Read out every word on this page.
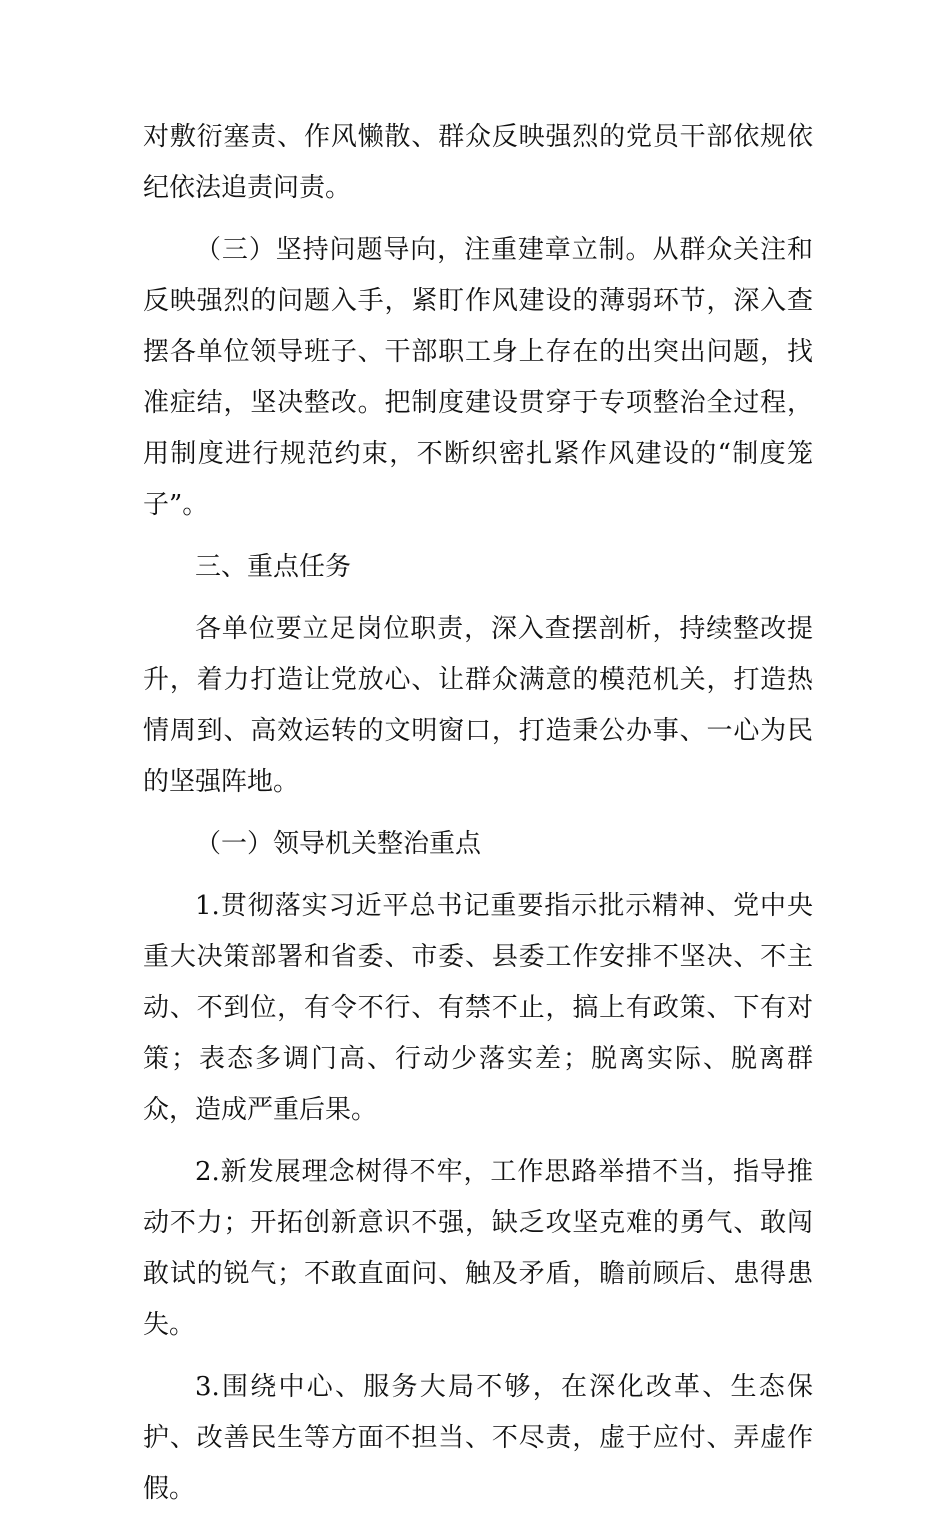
对敷衍塞责、作风懒散、群众反映强烈的党员干部依规依纪依法追责问责。

（三）坚持问题导向，注重建章立制。从群众关注和反映强烈的问题入手，紧盯作风建设的薄弱环节，深入查摆各单位领导班子、干部职工身上存在的出突出问题，找准症结，坚决整改。把制度建设贯穿于专项整治全过程，用制度进行规范约束，不断织密扎紧作风建设的“制度笼子”。

三、重点任务

各单位要立足岗位职责，深入查摆剖析，持续整改提升，着力打造让党放心、让群众满意的模范机关，打造热情周到、高效运转的文明窗口，打造秉公办事、一心为民的坚强阵地。

（一）领导机关整治重点

1.贯彻落实习近平总书记重要指示批示精神、党中央重大决策部署和省委、市委、县委工作安排不坚决、不主动、不到位，有令不行、有禁不止，搞上有政策、下有对策；表态多调门高、行动少落实差；脱离实际、脱离群众，造成严重后果。

2.新发展理念树得不牢，工作思路举措不当，指导推动不力；开拓创新意识不强，缺乏攻坚克难的勇气、敢闯敢试的锐气；不敢直面问、触及矛盾，瞻前顾后、患得患失。

3.围绕中心、服务大局不够，在深化改革、生态保护、改善民生等方面不担当、不尽责，虚于应付、弄虚作假。
